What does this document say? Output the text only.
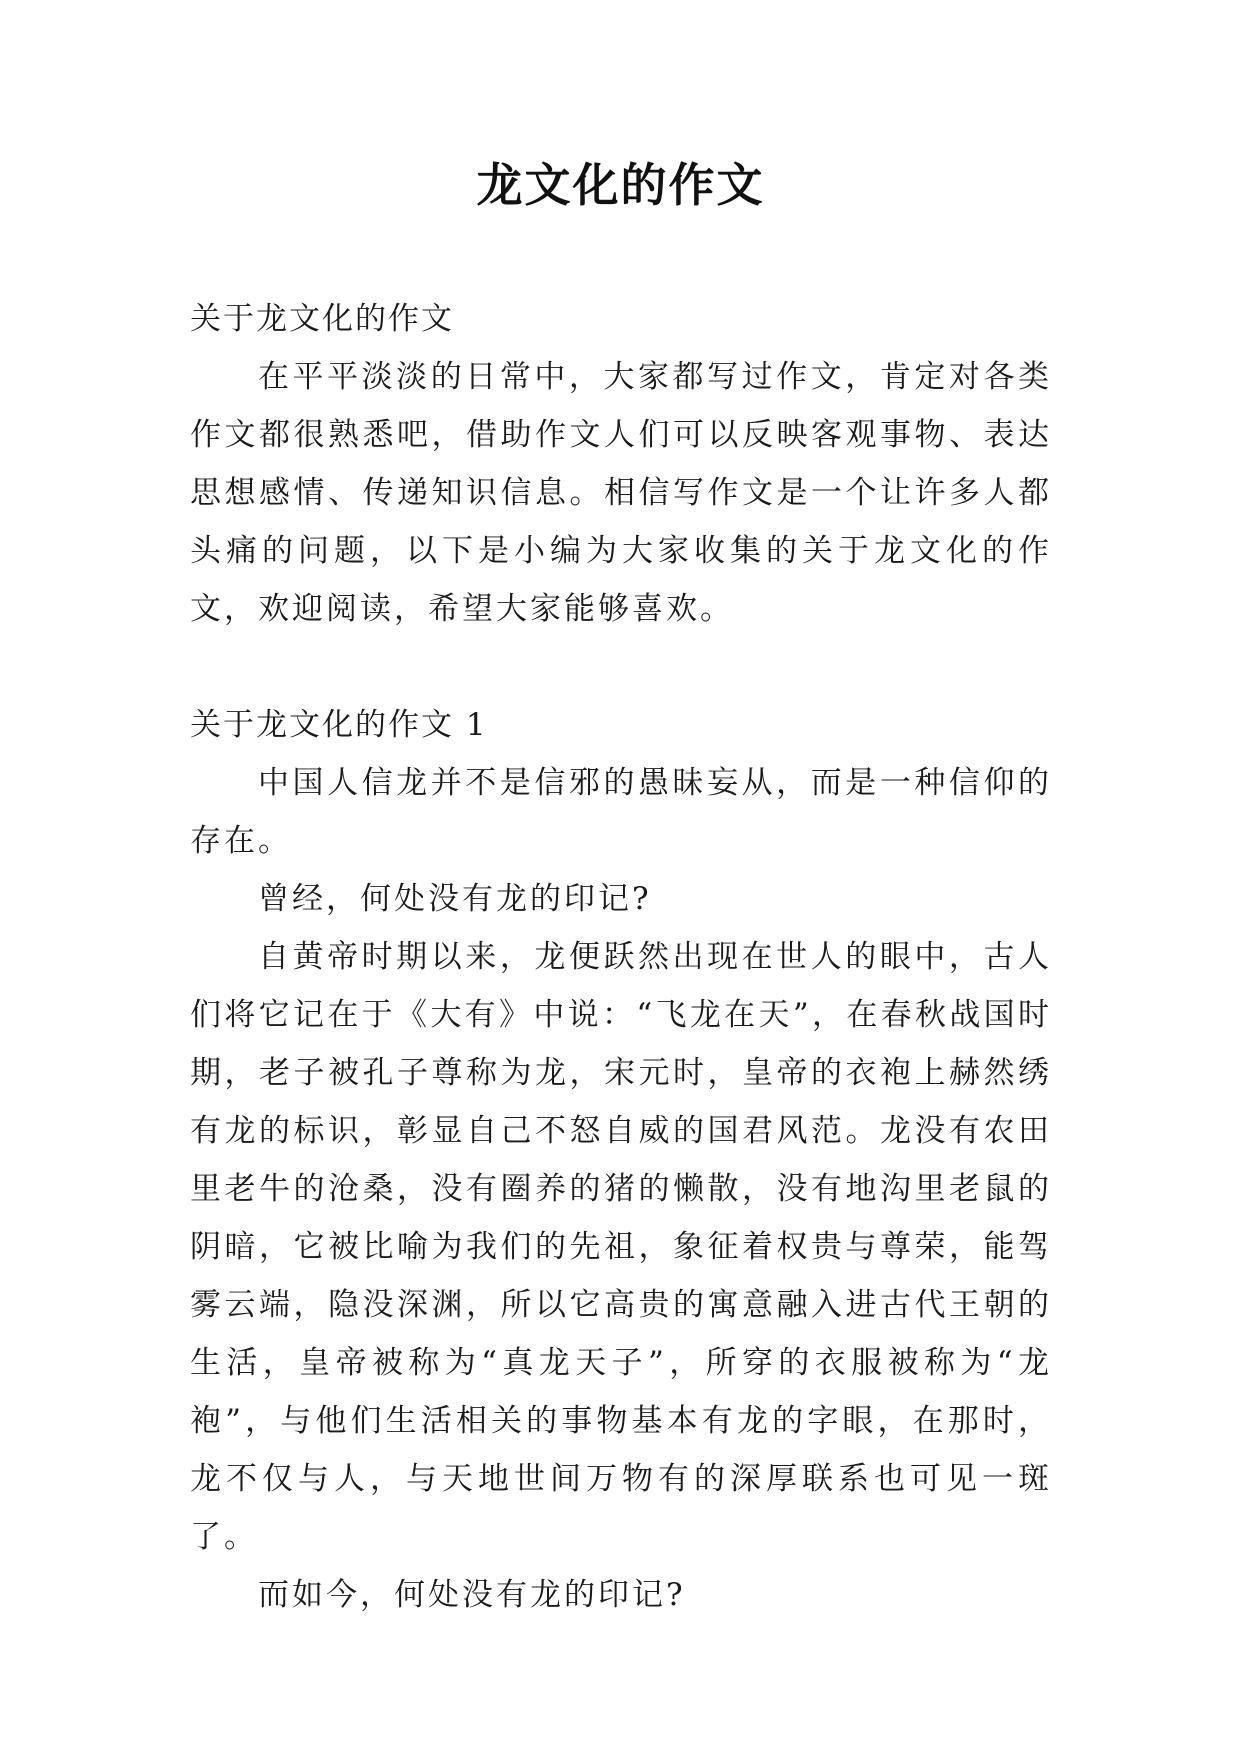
龙文化的作文

关于龙文化的作文

在平平淡淡的日常中，大家都写过作文，肯定对各类作文都很熟悉吧，借助作文人们可以反映客观事物、表达思想感情、传递知识信息。相信写作文是一个让许多人都头痛的问题，以下是小编为大家收集的关于龙文化的作文，欢迎阅读，希望大家能够喜欢。

关于龙文化的作文 1

中国人信龙并不是信邪的愚昧妄从，而是一种信仰的存在。

曾经，何处没有龙的印记?

自黄帝时期以来，龙便跃然出现在世人的眼中，古人们将它记在于《大有》中说：“飞龙在天”，在春秋战国时期，老子被孔子尊称为龙，宋元时，皇帝的衣袍上赫然绣有龙的标识，彰显自己不怒自威的国君风范。龙没有农田里老牛的沧桑，没有圈养的猪的懒散，没有地沟里老鼠的阴暗，它被比喻为我们的先祖，象征着权贵与尊荣，能驾雾云端，隐没深渊，所以它高贵的寓意融入进古代王朝的生活，皇帝被称为“真龙天子”，所穿的衣服被称为“龙袍”，与他们生活相关的事物基本有龙的字眼，在那时，龙不仅与人，与天地世间万物有的深厚联系也可见一斑了。

而如今，何处没有龙的印记?
